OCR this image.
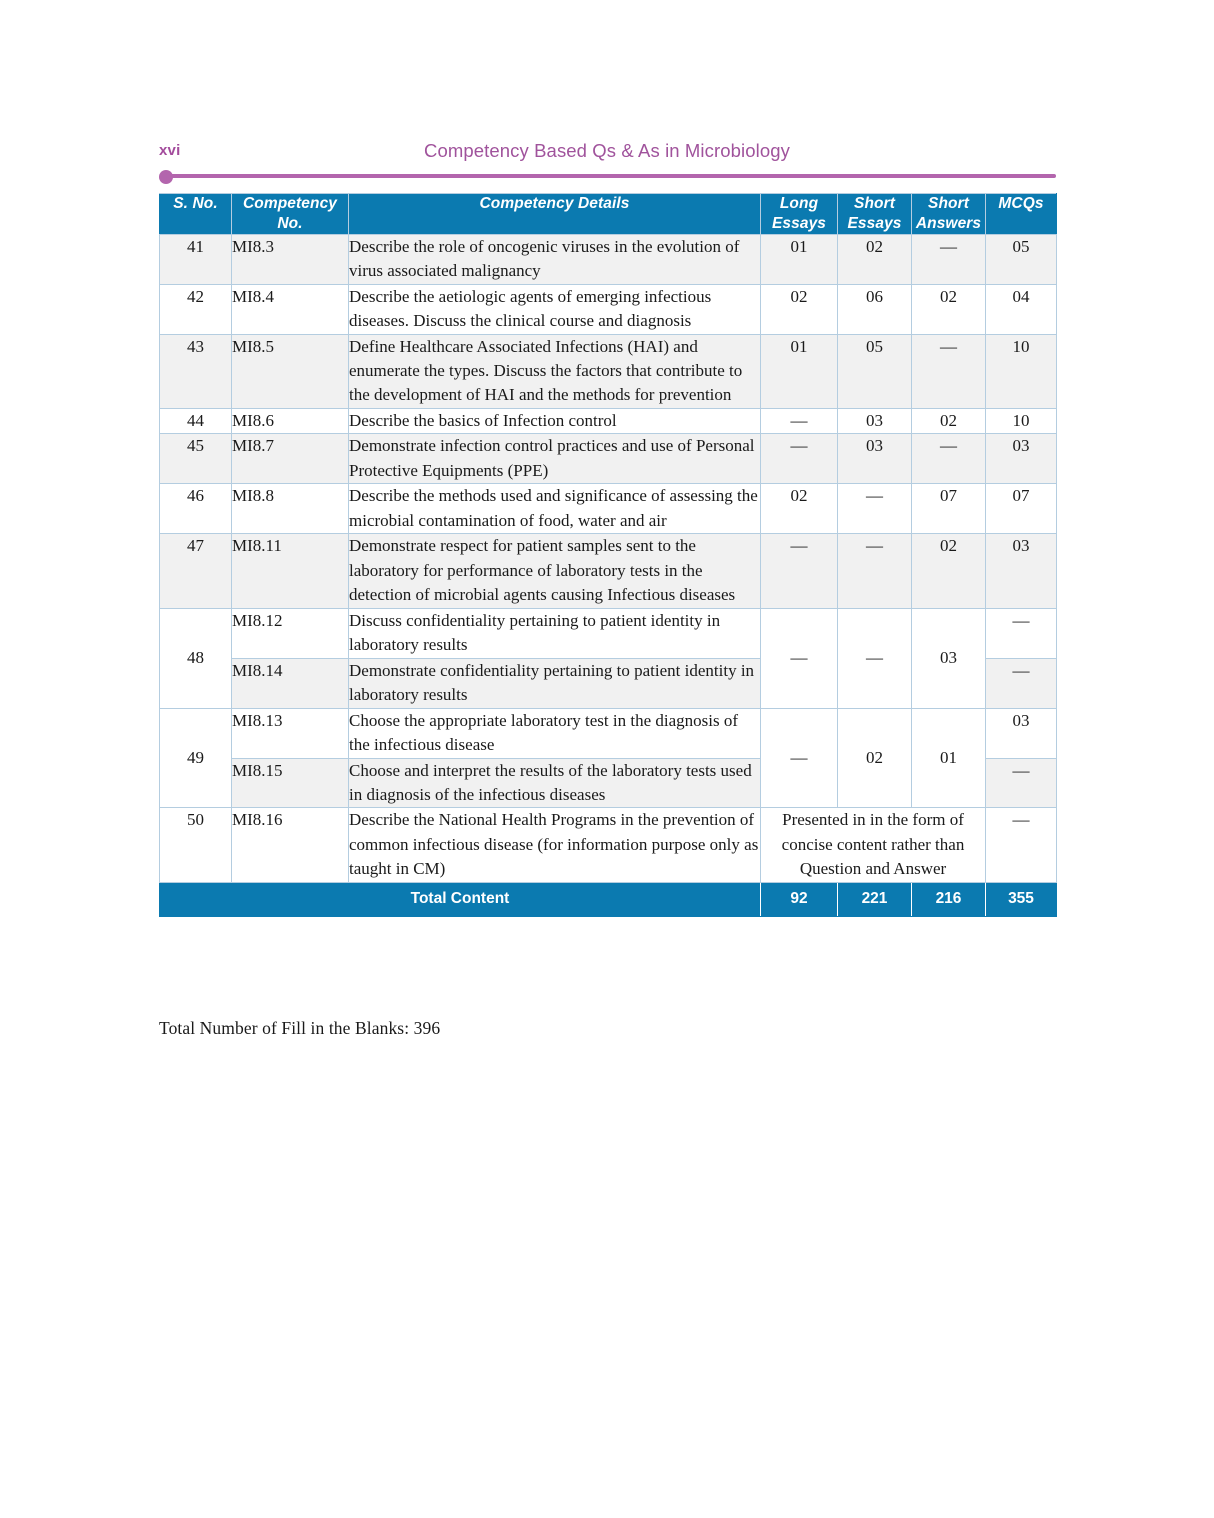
xvi	Competency Based Qs & As in Microbiology
S. No.	Competency No.	Competency Details	Long Essays	Short Essays	Short Answers	MCQs
41	MI8.3	Describe the role of oncogenic viruses in the evolution of virus associated malignancy	01	02	—	05
42	MI8.4	Describe the aetiologic agents of emerging infectious diseases. Discuss the clinical course and diagnosis	02	06	02	04
43	MI8.5	Define Healthcare Associated Infections (HAI) and enumerate the types. Discuss the factors that contribute to the development of HAI and the methods for prevention	01	05	—	10
44	MI8.6	Describe the basics of Infection control	—	03	02	10
45	MI8.7	Demonstrate infection control practices and use of Personal Protective Equipments (PPE)	—	03	—	03
46	MI8.8	Describe the methods used and significance of assessing the microbial contamination of food, water and air	02	—	07	07
47	MI8.11	Demonstrate respect for patient samples sent to the laboratory for performance of laboratory tests in the detection of microbial agents causing Infectious diseases	—	—	02	03
48	MI8.12	Discuss confidentiality pertaining to patient identity in laboratory results	—	—	03	—
	MI8.14	Demonstrate confidentiality pertaining to patient identity in laboratory results				—
49	MI8.13	Choose the appropriate laboratory test in the diagnosis of the infectious disease	—	02	01	03
	MI8.15	Choose and interpret the results of the laboratory tests used in diagnosis of the infectious diseases				—
50	MI8.16	Describe the National Health Programs in the prevention of common infectious disease (for information purpose only as taught in CM)	Presented in in the form of concise content rather than Question and Answer			—
Total Content			92	221	216	355
Total Number of Fill in the Blanks: 396
